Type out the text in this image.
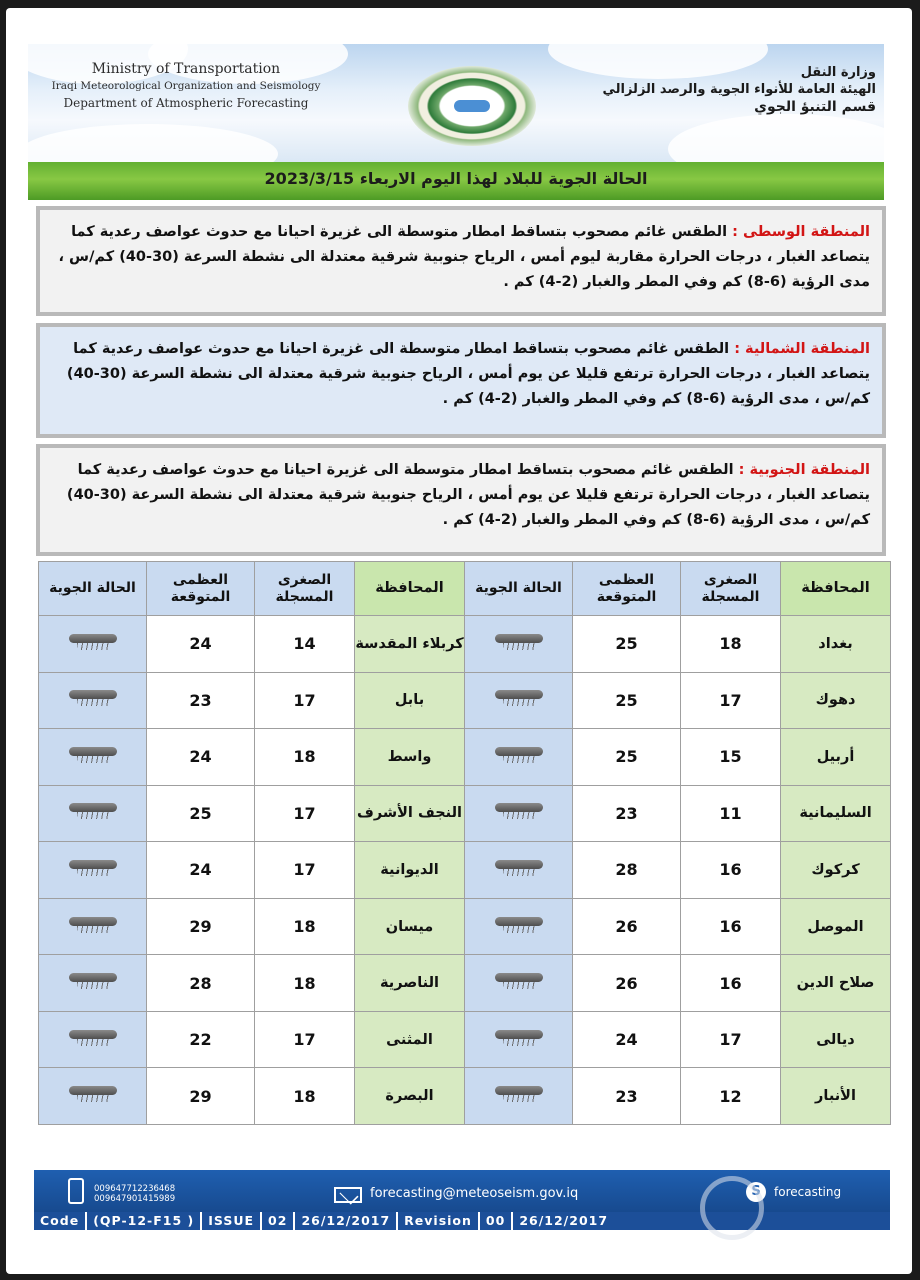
Ministry of Transportation
Iraqi Meteorological Organization and Seismology
Department of Atmospheric Forecasting
وزارة النقل
الهيئة العامة للأنواء الجوية والرصد الزلزالي
قسم التنبؤ الجوي
الحالة الجوية للبلاد لهذا اليوم الاربعاء 2023/3/15
المنطقة الوسطى : الطقس غائم مصحوب بتساقط امطار متوسطة الى غزيرة احيانا مع حدوث عواصف رعدية كما يتصاعد الغبار ، درجات الحرارة مقاربة ليوم أمس ، الرياح جنوبية شرقية معتدلة الى نشطة السرعة (30-40) كم/س ، مدى الرؤية (6-8) كم وفي المطر والغبار (2-4) كم .
المنطقة الشمالية : الطقس غائم مصحوب بتساقط امطار متوسطة الى غزيرة احيانا مع حدوث عواصف رعدية كما يتصاعد الغبار ، درجات الحرارة ترتفع قليلا عن يوم أمس ، الرياح جنوبية شرقية معتدلة الى نشطة السرعة (30-40) كم/س ، مدى الرؤية (6-8) كم وفي المطر والغبار (2-4) كم .
المنطقة الجنوبية : الطقس غائم مصحوب بتساقط امطار متوسطة الى غزيرة احيانا مع حدوث عواصف رعدية كما يتصاعد الغبار ، درجات الحرارة ترتفع قليلا عن يوم أمس ، الرياح جنوبية شرقية معتدلة الى نشطة السرعة (30-40) كم/س ، مدى الرؤية (6-8) كم وفي المطر والغبار (2-4) كم .
الحالة الجوية	العظمى المتوقعة	الصغرى المسجلة	المحافظة	الحالة الجوية	العظمى المتوقعة	الصغرى المسجلة	المحافظة
	24	14	كربلاء المقدسة		25	18	بغداد
	23	17	بابل		25	17	دهوك
	24	18	واسط		25	15	أربيل
	25	17	النجف الأشرف		23	11	السليمانية
	24	17	الديوانية		28	16	كركوك
	29	18	ميسان		26	16	الموصل
	28	18	الناصرية		26	16	صلاح الدين
	22	17	المثنى		24	17	ديالى
	29	18	البصرة		23	12	الأنبار
009647712236468
009647901415989	forecasting@meteoseism.gov.iq	S	forecasting
Code	(QP-12-F15 )	ISSUE	02	26/12/2017	Revision	00	26/12/2017
